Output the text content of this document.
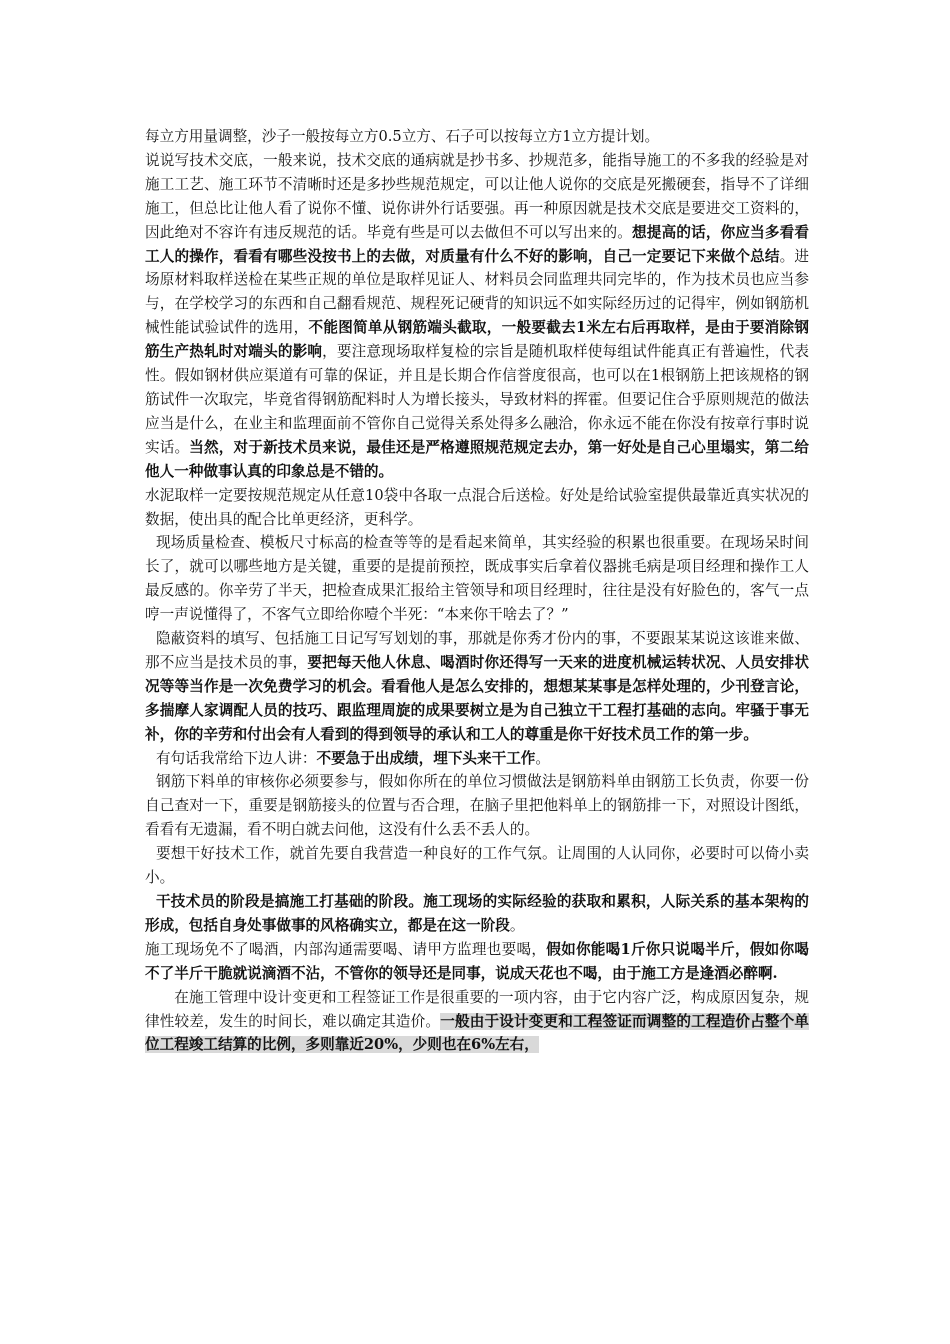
每立方用量调整，沙子一般按每立方0.5立方、石子可以按每立方1立方提计划。

说说写技术交底，一般来说，技术交底的通病就是抄书多、抄规范多，能指导施工的不多我的经验是对施工工艺、施工环节不清晰时还是多抄些规范规定，可以让他人说你的交底是死搬硬套，指导不了详细施工，但总比让他人看了说你不懂、说你讲外行话要强。再一种原因就是技术交底是要进交工资料的，因此绝对不容许有违反规范的话。毕竟有些是可以去做但不可以写出来的。想提高的话，你应当多看看工人的操作，看看有哪些没按书上的去做，对质量有什么不好的影响，自己一定要记下来做个总结。进场原材料取样送检在某些正规的单位是取样见证人、材料员会同监理共同完毕的，作为技术员也应当参与，在学校学习的东西和自己翻看规范、规程死记硬背的知识远不如实际经历过的记得牢，例如钢筋机械性能试验试件的选用，不能图简单从钢筋端头截取，一般要截去1米左右后再取样，是由于要消除钢筋生产热轧时对端头的影响，要注意现场取样复检的宗旨是随机取样使每组试件能真正有普遍性，代表性。假如钢材供应渠道有可靠的保证，并且是长期合作信誉度很高，也可以在1根钢筋上把该规格的钢筋试件一次取完，毕竟省得钢筋配料时人为增长接头，导致材料的挥霍。但要记住合乎原则规范的做法应当是什么，在业主和监理面前不管你自己觉得关系处得多么融洽，你永远不能在你没有按章行事时说实话。当然，对于新技术员来说，最佳还是严格遵照规范规定去办，第一好处是自己心里塌实，第二给他人一种做事认真的印象总是不错的。

水泥取样一定要按规范规定从任意10袋中各取一点混合后送检。好处是给试验室提供最靠近真实状况的数据，使出具的配合比单更经济，更科学。

现场质量检查、模板尺寸标高的检查等等的是看起来简单，其实经验的积累也很重要。在现场呆时间长了，就可以哪些地方是关键，重要的是提前预控，既成事实后拿着仪器挑毛病是项目经理和操作工人最反感的。你辛劳了半天，把检查成果汇报给主管领导和项目经理时，往往是没有好脸色的，客气一点哼一声说懂得了，不客气立即给你噎个半死：“本来你干啥去了？”

隐蔽资料的填写、包括施工日记写写划划的事，那就是你秀才份内的事，不要跟某某说这该谁来做、那不应当是技术员的事，要把每天他人休息、喝酒时你还得写一天来的进度机械运转状况、人员安排状况等等当作是一次免费学习的机会。看看他人是怎么安排的，想想某某事是怎样处理的，少刊登言论，多揣摩人家调配人员的技巧、跟监理周旋的成果要树立是为自己独立干工程打基础的志向。牢骚于事无补，你的辛劳和付出会有人看到的得到领导的承认和工人的尊重是你干好技术员工作的第一步。

有句话我常给下边人讲：不要急于出成绩，埋下头来干工作。

钢筋下料单的审核你必须要参与，假如你所在的单位习惯做法是钢筋料单由钢筋工长负责，你要一份自己查对一下，重要是钢筋接头的位置与否合理，在脑子里把他料单上的钢筋排一下，对照设计图纸，看看有无遗漏，看不明白就去问他，这没有什么丢不丢人的。

要想干好技术工作，就首先要自我营造一种良好的工作气氛。让周围的人认同你，必要时可以倚小卖小。

干技术员的阶段是搞施工打基础的阶段。施工现场的实际经验的获取和累积，人际关系的基本架构的形成，包括自身处事做事的风格确实立，都是在这一阶段。

施工现场免不了喝酒，内部沟通需要喝、请甲方监理也要喝，假如你能喝1斤你只说喝半斤，假如你喝不了半斤干脆就说滴酒不沾，不管你的领导还是同事，说成天花也不喝，由于施工方是逢酒必醉啊.

在施工管理中设计变更和工程签证工作是很重要的一项内容，由于它内容广泛，构成原因复杂，规律性较差，发生的时间长，难以确定其造价。一般由于设计变更和工程签证而调整的工程造价占整个单位工程竣工结算的比例，多则靠近20%，少则也在6%左右，
